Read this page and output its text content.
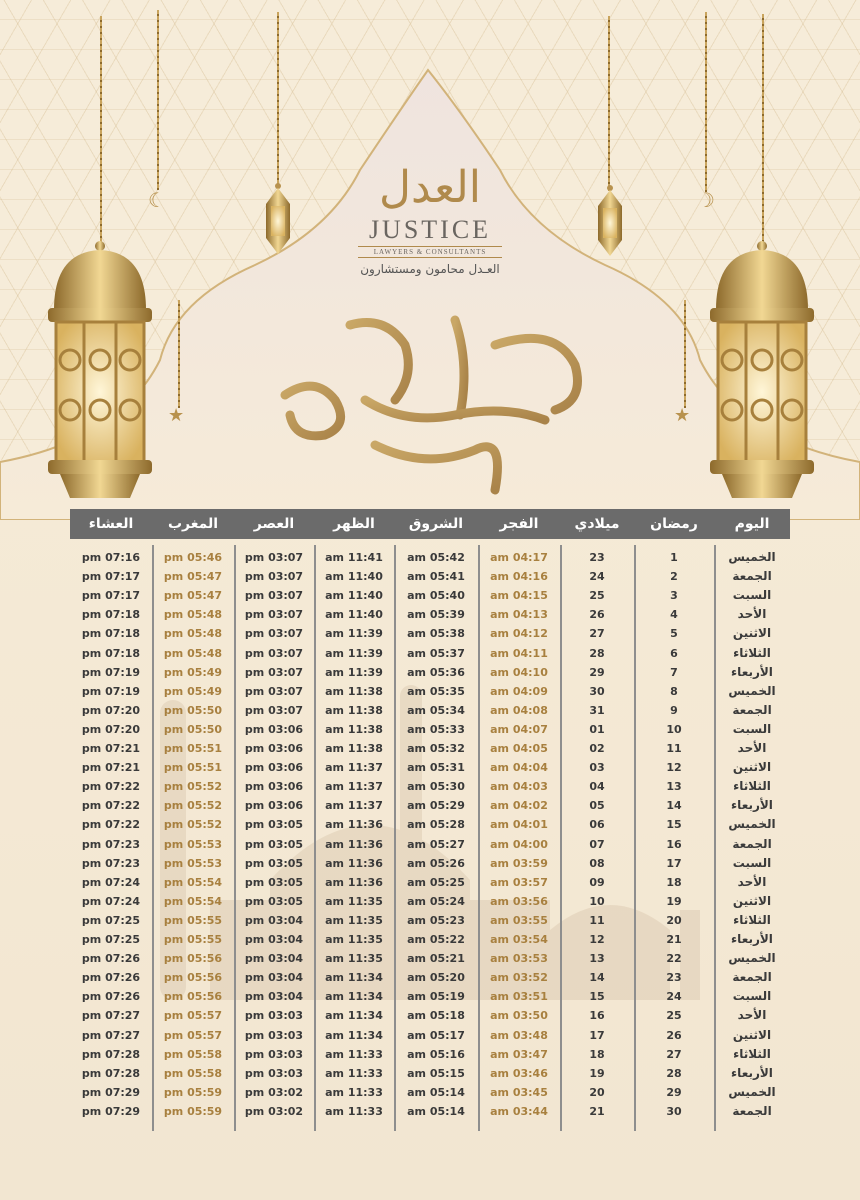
☾	☽
★	★
العدل
JUSTICE
LAWYERS & CONSULTANTS
العـدل محامون ومستشارون
رمضان كريم
العشاء	المغرب	العصر	الظهر	الشروق	الفجر	ميلادي	رمضان	اليوم
pm 07:16	pm 05:46	pm 03:07	am 11:41	am 05:42	am 04:17	23	1	الخميس
pm 07:17	pm 05:47	pm 03:07	am 11:40	am 05:41	am 04:16	24	2	الجمعة
pm 07:17	pm 05:47	pm 03:07	am 11:40	am 05:40	am 04:15	25	3	السبت
pm 07:18	pm 05:48	pm 03:07	am 11:40	am 05:39	am 04:13	26	4	الأحد
pm 07:18	pm 05:48	pm 03:07	am 11:39	am 05:38	am 04:12	27	5	الاثنين
pm 07:18	pm 05:48	pm 03:07	am 11:39	am 05:37	am 04:11	28	6	الثلاثاء
pm 07:19	pm 05:49	pm 03:07	am 11:39	am 05:36	am 04:10	29	7	الأربعاء
pm 07:19	pm 05:49	pm 03:07	am 11:38	am 05:35	am 04:09	30	8	الخميس
pm 07:20	pm 05:50	pm 03:07	am 11:38	am 05:34	am 04:08	31	9	الجمعة
pm 07:20	pm 05:50	pm 03:06	am 11:38	am 05:33	am 04:07	01	10	السبت
pm 07:21	pm 05:51	pm 03:06	am 11:38	am 05:32	am 04:05	02	11	الأحد
pm 07:21	pm 05:51	pm 03:06	am 11:37	am 05:31	am 04:04	03	12	الاثنين
pm 07:22	pm 05:52	pm 03:06	am 11:37	am 05:30	am 04:03	04	13	الثلاثاء
pm 07:22	pm 05:52	pm 03:06	am 11:37	am 05:29	am 04:02	05	14	الأربعاء
pm 07:22	pm 05:52	pm 03:05	am 11:36	am 05:28	am 04:01	06	15	الخميس
pm 07:23	pm 05:53	pm 03:05	am 11:36	am 05:27	am 04:00	07	16	الجمعة
pm 07:23	pm 05:53	pm 03:05	am 11:36	am 05:26	am 03:59	08	17	السبت
pm 07:24	pm 05:54	pm 03:05	am 11:36	am 05:25	am 03:57	09	18	الأحد
pm 07:24	pm 05:54	pm 03:05	am 11:35	am 05:24	am 03:56	10	19	الاثنين
pm 07:25	pm 05:55	pm 03:04	am 11:35	am 05:23	am 03:55	11	20	الثلاثاء
pm 07:25	pm 05:55	pm 03:04	am 11:35	am 05:22	am 03:54	12	21	الأربعاء
pm 07:26	pm 05:56	pm 03:04	am 11:35	am 05:21	am 03:53	13	22	الخميس
pm 07:26	pm 05:56	pm 03:04	am 11:34	am 05:20	am 03:52	14	23	الجمعة
pm 07:26	pm 05:56	pm 03:04	am 11:34	am 05:19	am 03:51	15	24	السبت
pm 07:27	pm 05:57	pm 03:03	am 11:34	am 05:18	am 03:50	16	25	الأحد
pm 07:27	pm 05:57	pm 03:03	am 11:34	am 05:17	am 03:48	17	26	الاثنين
pm 07:28	pm 05:58	pm 03:03	am 11:33	am 05:16	am 03:47	18	27	الثلاثاء
pm 07:28	pm 05:58	pm 03:03	am 11:33	am 05:15	am 03:46	19	28	الأربعاء
pm 07:29	pm 05:59	pm 03:02	am 11:33	am 05:14	am 03:45	20	29	الخميس
pm 07:29	pm 05:59	pm 03:02	am 11:33	am 05:14	am 03:44	21	30	الجمعة
